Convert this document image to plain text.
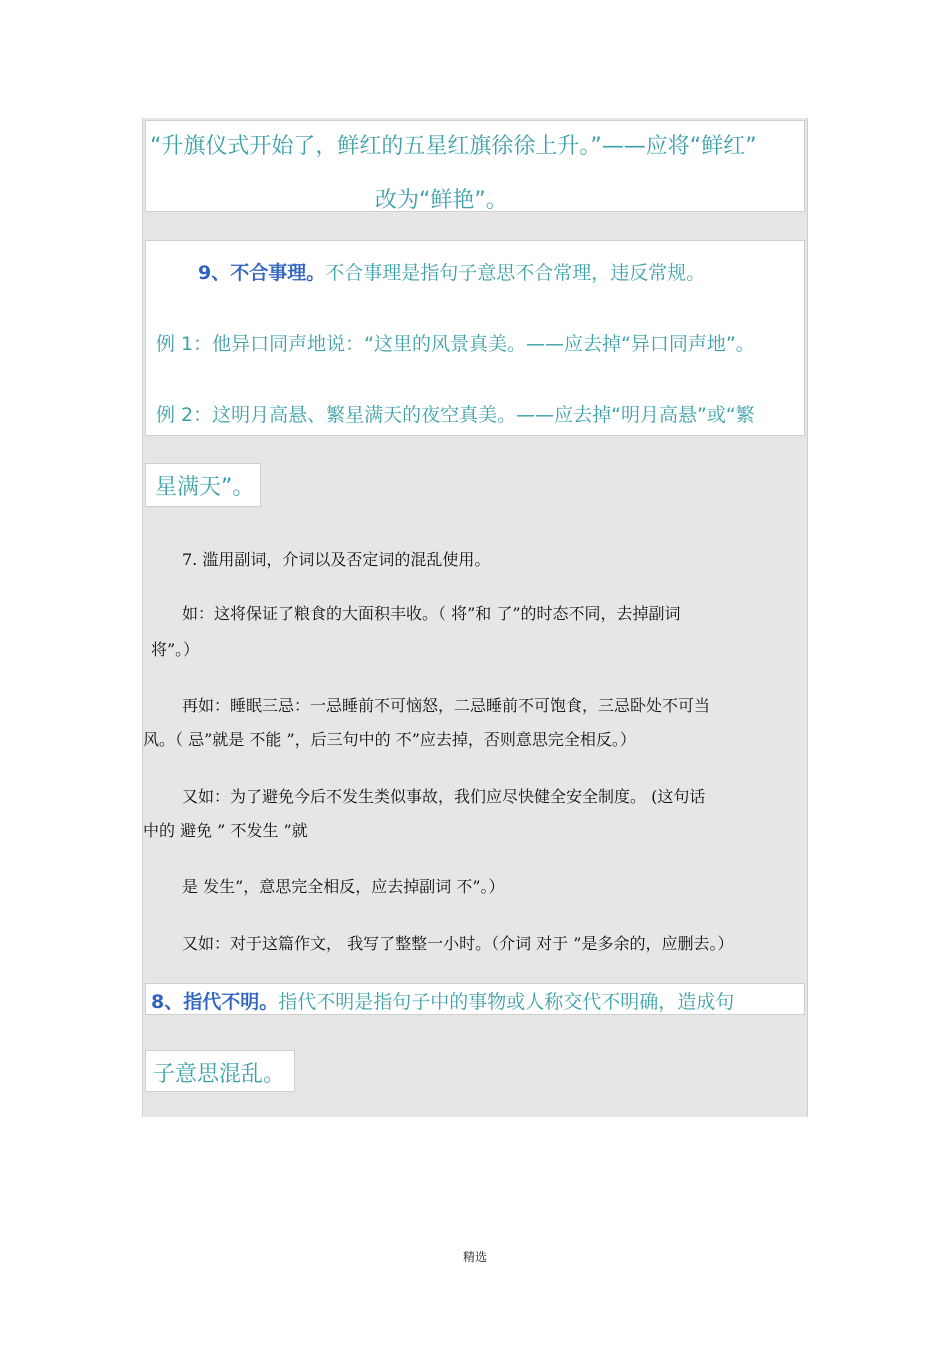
“升旗仪式开始了，鲜红的五星红旗徐徐上升。”——应将“鲜红”
改为“鲜艳”。
9、不合事理。不合事理是指句子意思不合常理，违反常规。
例 1：他异口同声地说：“这里的风景真美。——应去掉“异口同声地”。
例 2：这明月高悬、繁星满天的夜空真美。——应去掉“明月高悬”或“繁
星满天”。
7. 滥用副词，介词以及否定词的混乱使用。
如：这将保证了粮食的大面积丰收。（ 将”和 了”的时态不同，去掉副词
将”。）
再如：睡眠三忌：一忌睡前不可恼怒，二忌睡前不可饱食，三忌卧处不可当
风。（ 忌”就是 不能 ”，后三句中的 不”应去掉，否则意思完全相反。）
又如：为了避免今后不发生类似事故，我们应尽快健全安全制度。 (这句话
中的 避免 ” 不发生 ”就
是 发生”，意思完全相反，应去掉副词 不”。）
又如：对于这篇作文， 我写了整整一小时。（介词 对于 ”是多余的，应删去。）
8、指代不明。指代不明是指句子中的事物或人称交代不明确，造成句
子意思混乱。
精选
